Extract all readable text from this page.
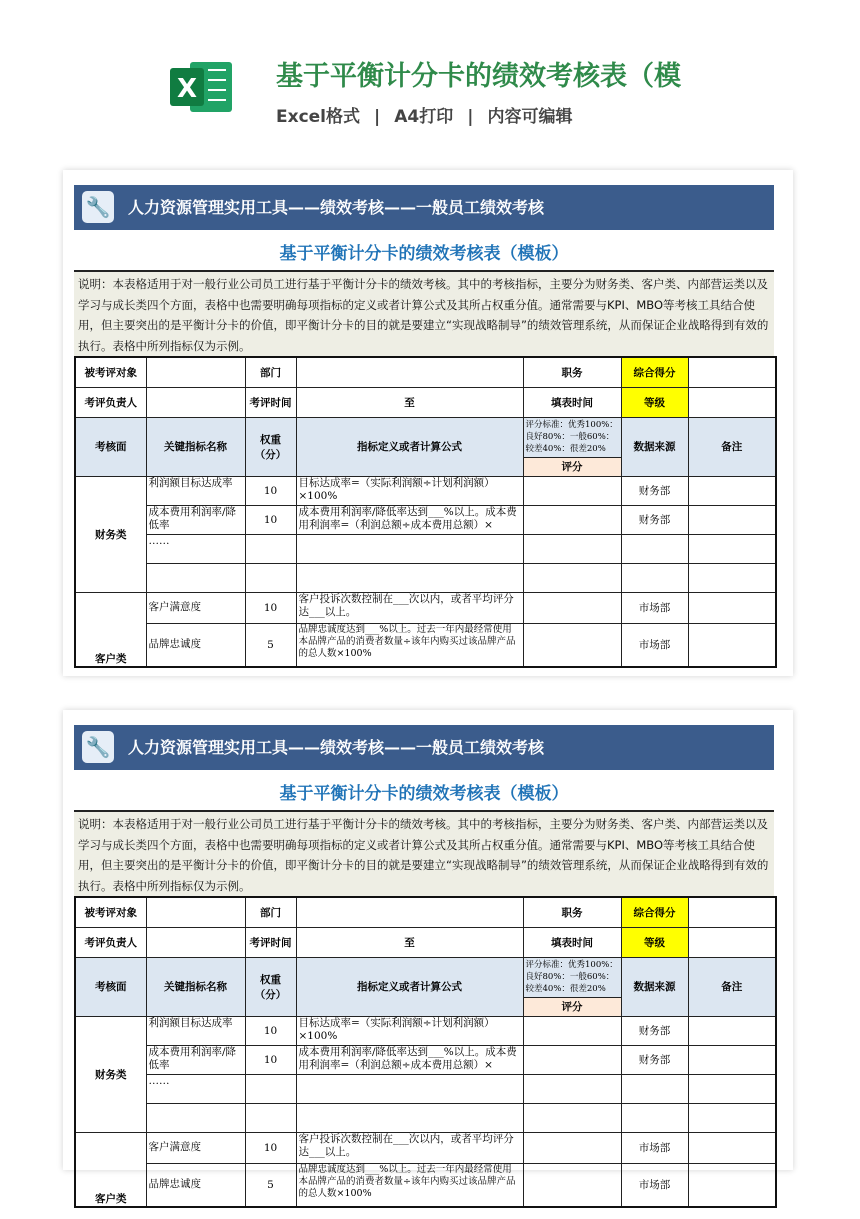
X	基于平衡计分卡的绩效考核表（模
Excel格式 | A4打印 | 内容可编辑
🔧 人力资源管理实用工具——绩效考核——一般员工绩效考核
基于平衡计分卡的绩效考核表（模板）
说明：本表格适用于对一般行业公司员工进行基于平衡计分卡的绩效考核。其中的考核指标，主要分为财务类、客户类、内部营运类以及学习与成长类四个方面，表格中也需要明确每项指标的定义或者计算公式及其所占权重分值。通常需要与KPI、MBO等考核工具结合使用，但主要突出的是平衡计分卡的价值，即平衡计分卡的目的就是要建立“实现战略制导”的绩效管理系统，从而保证企业战略得到有效的执行。表格中所列指标仅为示例。
被考评对象		部门		职务	综合得分	
考评负责人		考评时间	至	填表时间	等级	
考核面	关键指标名称	权重（分）	指标定义或者计算公式	评分标准：优秀100%：良好80%：一般60%：较差40%：很差20%	数据来源	备注
				评分		
财务类	利润额目标达成率	10	目标达成率=（实际利润额÷计划利润额）×100%		财务部	
	成本费用利润率/降低率	10	成本费用利润率/降低率达到___%以上。成本费用利润率=（利润总额÷成本费用总额）×		财务部	
	……					

客户类	客户满意度	10	客户投诉次数控制在___次以内，或者平均评分达___以上。		市场部	
	品牌忠诚度	5	品牌忠诚度达到___%以上。过去一年内最经常使用本品牌产品的消费者数量÷该年内购买过该品牌产品的总人数×100%		市场部	
🔧 人力资源管理实用工具——绩效考核——一般员工绩效考核
基于平衡计分卡的绩效考核表（模板）
说明：本表格适用于对一般行业公司员工进行基于平衡计分卡的绩效考核。其中的考核指标，主要分为财务类、客户类、内部营运类以及学习与成长类四个方面，表格中也需要明确每项指标的定义或者计算公式及其所占权重分值。通常需要与KPI、MBO等考核工具结合使用，但主要突出的是平衡计分卡的价值，即平衡计分卡的目的就是要建立“实现战略制导”的绩效管理系统，从而保证企业战略得到有效的执行。表格中所列指标仅为示例。
被考评对象		部门		职务	综合得分	
考评负责人		考评时间	至	填表时间	等级	
考核面	关键指标名称	权重（分）	指标定义或者计算公式	评分标准：优秀100%：良好80%：一般60%：较差40%：很差20%	数据来源	备注
				评分		
财务类	利润额目标达成率	10	目标达成率=（实际利润额÷计划利润额）×100%		财务部	
	成本费用利润率/降低率	10	成本费用利润率/降低率达到___%以上。成本费用利润率=（利润总额÷成本费用总额）×		财务部	
	……					

客户类	客户满意度	10	客户投诉次数控制在___次以内，或者平均评分达___以上。		市场部	
	品牌忠诚度	5	品牌忠诚度达到___%以上。过去一年内最经常使用本品牌产品的消费者数量÷该年内购买过该品牌产品的总人数×100%		市场部	
